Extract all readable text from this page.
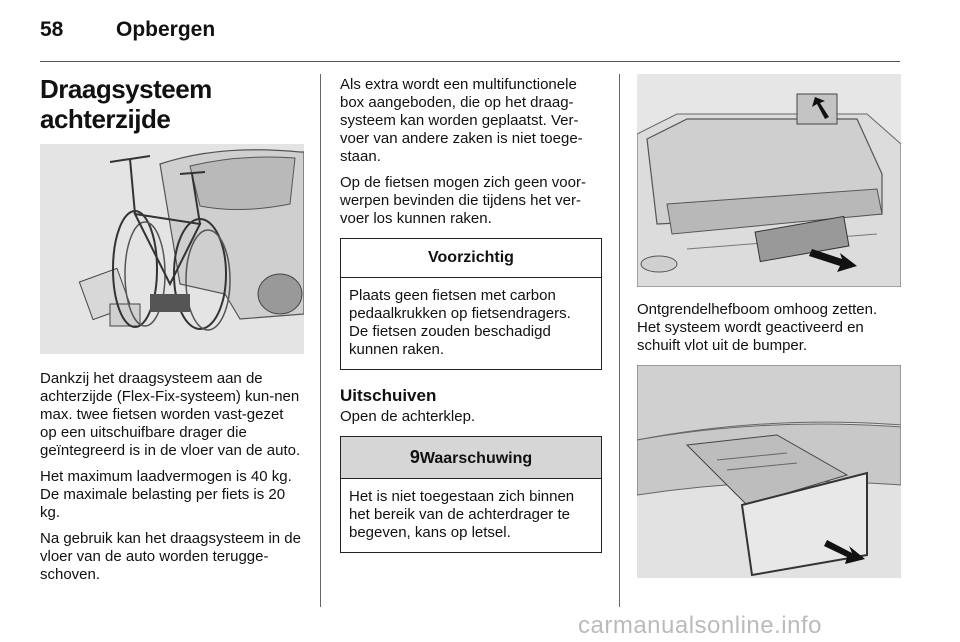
58	Opbergen
Draagsysteem achterzijde

Dankzij het draagsysteem aan de achterzijde (Flex-Fix-systeem) kun-nen max. twee fietsen worden vast-gezet op een uitschuifbare drager die geïntegreerd is in de vloer van de auto.

Het maximum laadvermogen is 40 kg. De maximale belasting per fiets is 20 kg.

Na gebruik kan het draagsysteem in de vloer van de auto worden terugge-schoven.

Als extra wordt een multifunctionele box aangeboden, die op het draag-systeem kan worden geplaatst. Ver-voer van andere zaken is niet toege-staan.

Op de fietsen mogen zich geen voor-werpen bevinden die tijdens het ver-voer los kunnen raken.

Voorzichtig
Plaats geen fietsen met carbon pedaalkrukken op fietsendragers. De fietsen zouden beschadigd kunnen raken.
Uitschuiven

Open de achterklep.

9Waarschuwing
Het is niet toegestaan zich binnen het bereik van de achterdrager te begeven, kans op letsel.

Ontgrendelhefboom omhoog zetten. Het systeem wordt geactiveerd en schuift vlot uit de bumper.

carmanualsonline.info
